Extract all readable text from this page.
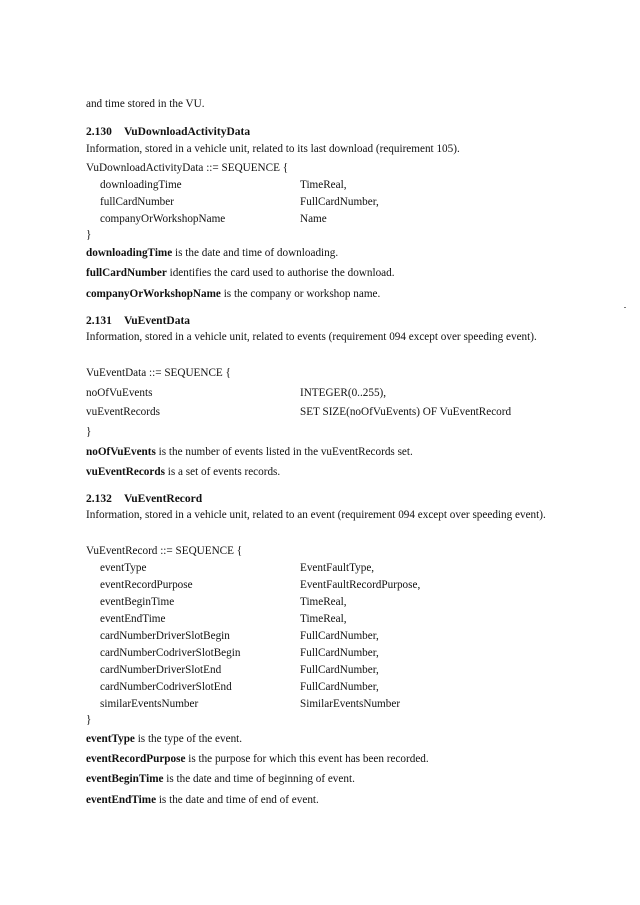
and time stored in the VU.
2.130 VuDownloadActivityData
Information, stored in a vehicle unit, related to its last download (requirement 105).
VuDownloadActivityData ::= SEQUENCE {
downloadingTime	TimeReal,
fullCardNumber	FullCardNumber,
companyOrWorkshopName	Name
}
downloadingTime is the date and time of downloading.
fullCardNumber identifies the card used to authorise the download.
companyOrWorkshopName is the company or workshop name.
2.131 VuEventData
Information, stored in a vehicle unit, related to events (requirement 094 except over speeding event).
VuEventData ::= SEQUENCE {
noOfVuEvents	INTEGER(0..255),
vuEventRecords	SET SIZE(noOfVuEvents) OF VuEventRecord
}
noOfVuEvents is the number of events listed in the vuEventRecords set.
vuEventRecords is a set of events records.
2.132 VuEventRecord
Information, stored in a vehicle unit, related to an event (requirement 094 except over speeding event).
VuEventRecord ::= SEQUENCE {
eventType	EventFaultType,
eventRecordPurpose	EventFaultRecordPurpose,
eventBeginTime	TimeReal,
eventEndTime	TimeReal,
cardNumberDriverSlotBegin	FullCardNumber,
cardNumberCodriverSlotBegin	FullCardNumber,
cardNumberDriverSlotEnd	FullCardNumber,
cardNumberCodriverSlotEnd	FullCardNumber,
similarEventsNumber	SimilarEventsNumber
}
eventType is the type of the event.
eventRecordPurpose is the purpose for which this event has been recorded.
eventBeginTime is the date and time of beginning of event.
eventEndTime is the date and time of end of event.
